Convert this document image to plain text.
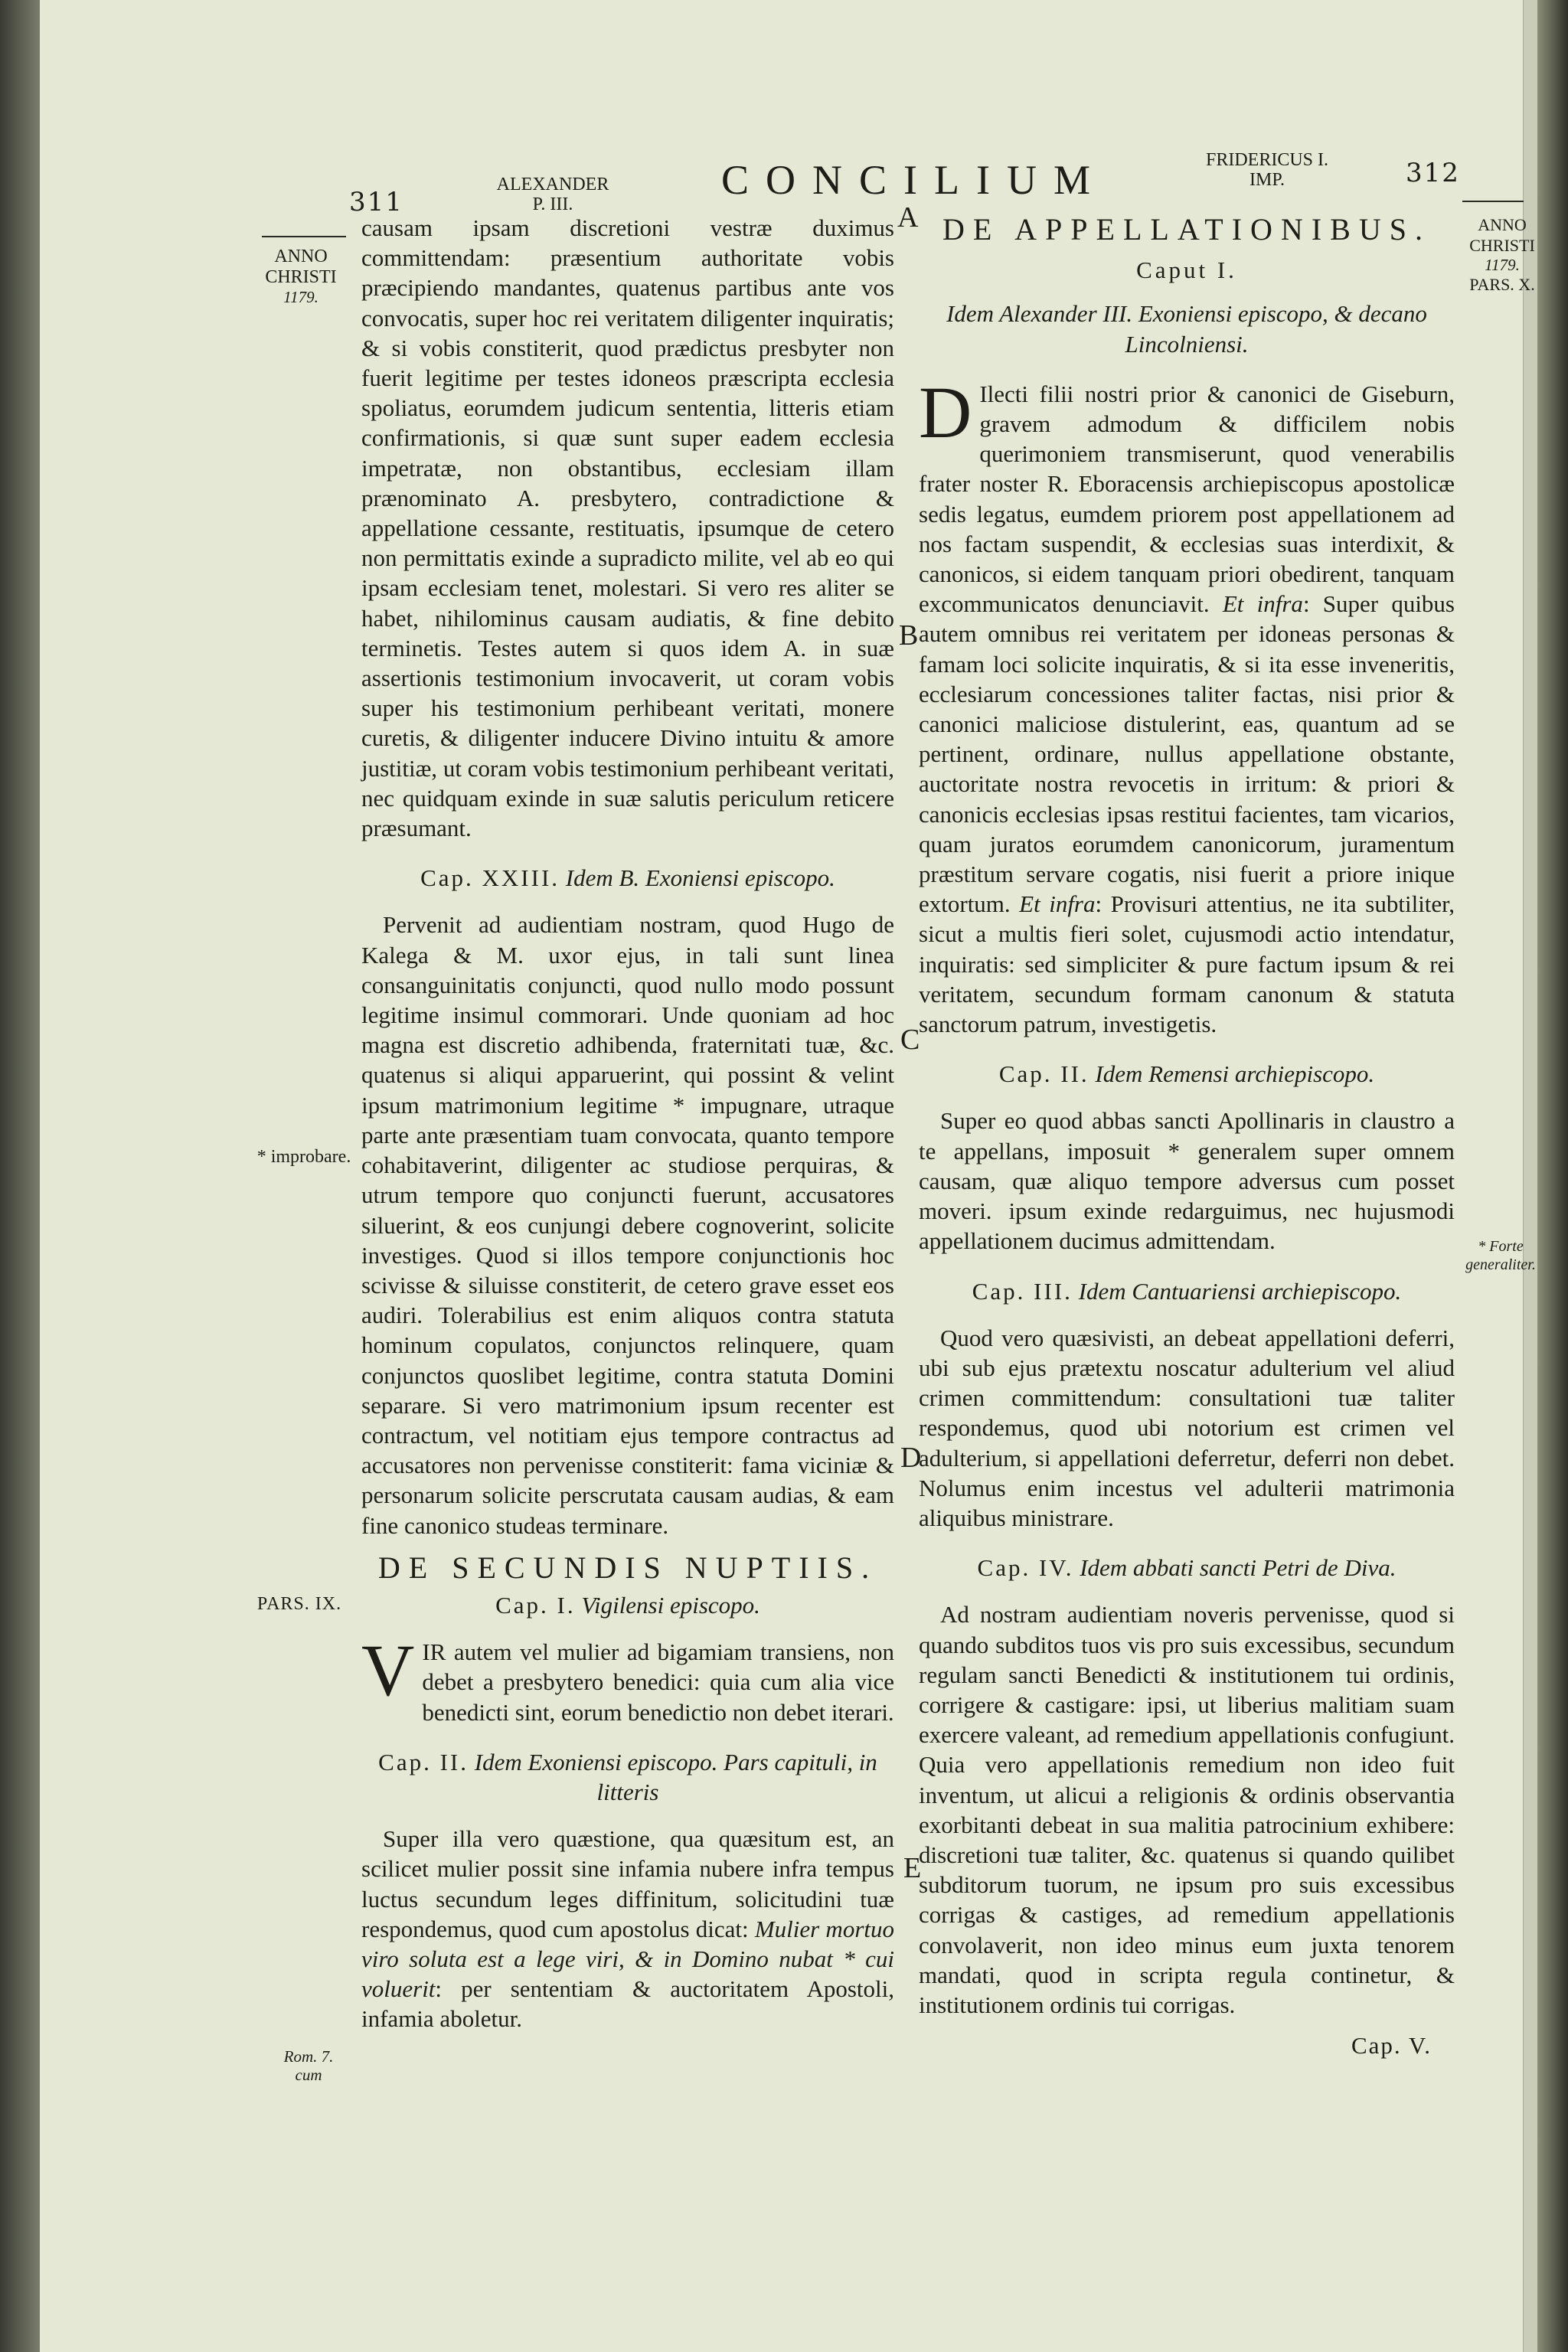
311
ALEXANDER
P. III.
CONCILIUM	FRIDERICUS I.
IMP.	312
ANNO
CHRISTI
1179.
* improbare.
PARS. IX.
Rom. 7.
cum
ANNO
CHRISTI
1179.
PARS. X.
* Forte
generaliter.
A
B
C
D
E

causam ipsam discretioni vestræ duximus committendam: præsentium authoritate vobis præcipiendo mandantes, quatenus partibus ante vos convocatis, super hoc rei veritatem diligenter inquiratis; & si vobis constiterit, quod prædictus presbyter non fuerit legitime per testes idoneos præscripta ecclesia spoliatus, eorumdem judicum sententia, litteris etiam confirmationis, si quæ sunt super eadem ecclesia impetratæ, non obstantibus, ecclesiam illam prænominato A. presbytero, contradictione & appellatione cessante, restituatis, ipsumque de cetero non permittatis exinde a supradicto milite, vel ab eo qui ipsam ecclesiam tenet, molestari. Si vero res aliter se habet, nihilominus causam audiatis, & fine debito terminetis. Testes autem si quos idem A. in suæ assertionis testimonium invocaverit, ut coram vobis super his testimonium perhibeant veritati, monere curetis, & diligenter inducere Divino intuitu & amore justitiæ, ut coram vobis testimonium perhibeant veritati, nec quidquam exinde in suæ salutis periculum reticere præsumant.

Cap. XXIII. Idem B. Exoniensi episcopo.

Pervenit ad audientiam nostram, quod Hugo de Kalega & M. uxor ejus, in tali sunt linea consanguinitatis conjuncti, quod nullo modo possunt legitime insimul commorari. Unde quoniam ad hoc magna est discretio adhibenda, fraternitati tuæ, &c. quatenus si aliqui apparuerint, qui possint & velint ipsum matrimonium legitime * impugnare, utraque parte ante præsentiam tuam convocata, quanto tempore cohabitaverint, diligenter ac studiose perquiras, & utrum tempore quo conjuncti fuerunt, accusatores siluerint, & eos cunjungi debere cognoverint, solicite investiges. Quod si illos tempore conjunctionis hoc scivisse & siluisse constiterit, de cetero grave esset eos audiri. Tolerabilius est enim aliquos contra statuta hominum copulatos, conjunctos relinquere, quam conjunctos quoslibet legitime, contra statuta Domini separare. Si vero matrimonium ipsum recenter est contractum, vel notitiam ejus tempore contractus ad accusatores non pervenisse constiterit: fama viciniæ & personarum solicite perscrutata causam audias, & eam fine canonico studeas terminare.

DE SECUNDIS NUPTIIS.
Cap. I. Vigilensi episcopo.

VIR autem vel mulier ad bigamiam transiens, non debet a presbytero benedici: quia cum alia vice benedicti sint, eorum benedictio non debet iterari.

Cap. II. Idem Exoniensi episcopo. Pars capituli, in litteris

Super illa vero quæstione, qua quæsitum est, an scilicet mulier possit sine infamia nubere infra tempus luctus secundum leges diffinitum, solicitudini tuæ respondemus, quod cum apostolus dicat: Mulier mortuo viro soluta est a lege viri, & in Domino nubat * cui voluerit: per sententiam & auctoritatem Apostoli, infamia aboletur.

DE APPELLATIONIBUS.
Caput I.
Idem Alexander III. Exoniensi episcopo, & decano Lincolniensi.

D Ilecti filii nostri prior & canonici de Giseburn, gravem admodum & difficilem nobis querimoniem transmiserunt, quod venerabilis frater noster R. Eboracensis archiepiscopus apostolicæ sedis legatus, eumdem priorem post appellationem ad nos factam suspendit, & ecclesias suas interdixit, & canonicos, si eidem tanquam priori obedirent, tanquam excommunicatos denunciavit. Et infra: Super quibus autem omnibus rei veritatem per idoneas personas & famam loci solicite inquiratis, & si ita esse inveneritis, ecclesiarum concessiones taliter factas, nisi prior & canonici maliciose distulerint, eas, quantum ad se pertinent, ordinare, nullus appellatione obstante, auctoritate nostra revocetis in irritum: & priori & canonicis ecclesias ipsas restitui facientes, tam vicarios, quam juratos eorumdem canonicorum, juramentum præstitum servare cogatis, nisi fuerit a priore inique extortum. Et infra: Provisuri attentius, ne ita subtiliter, sicut a multis fieri solet, cujusmodi actio intendatur, inquiratis: sed simpliciter & pure factum ipsum & rei veritatem, secundum formam canonum & statuta sanctorum patrum, investigetis.

Cap. II. Idem Remensi archiepiscopo.

Super eo quod abbas sancti Apollinaris in claustro a te appellans, imposuit * generalem super omnem causam, quæ aliquo tempore adversus cum posset moveri. ipsum exinde redarguimus, nec hujusmodi appellationem ducimus admittendam.

Cap. III. Idem Cantuariensi archiepiscopo.

Quod vero quæsivisti, an debeat appellationi deferri, ubi sub ejus prætextu noscatur adulterium vel aliud crimen committendum: consultationi tuæ taliter respondemus, quod ubi notorium est crimen vel adulterium, si appellationi deferretur, deferri non debet. Nolumus enim incestus vel adulterii matrimonia aliquibus ministrare.

Cap. IV. Idem abbati sancti Petri de Diva.

Ad nostram audientiam noveris pervenisse, quod si quando subditos tuos vis pro suis excessibus, secundum regulam sancti Benedicti & institutionem tui ordinis, corrigere & castigare: ipsi, ut liberius malitiam suam exercere valeant, ad remedium appellationis confugiunt. Quia vero appellationis remedium non ideo fuit inventum, ut alicui a religionis & ordinis observantia exorbitanti debeat in sua malitia patrocinium exhibere: discretioni tuæ taliter, &c. quatenus si quando quilibet subditorum tuorum, ne ipsum pro suis excessibus corrigas & castiges, ad remedium appellationis convolaverit, non ideo minus eum juxta tenorem mandati, quod in scripta regula continetur, & institutionem ordinis tui corrigas.

Cap. V.
